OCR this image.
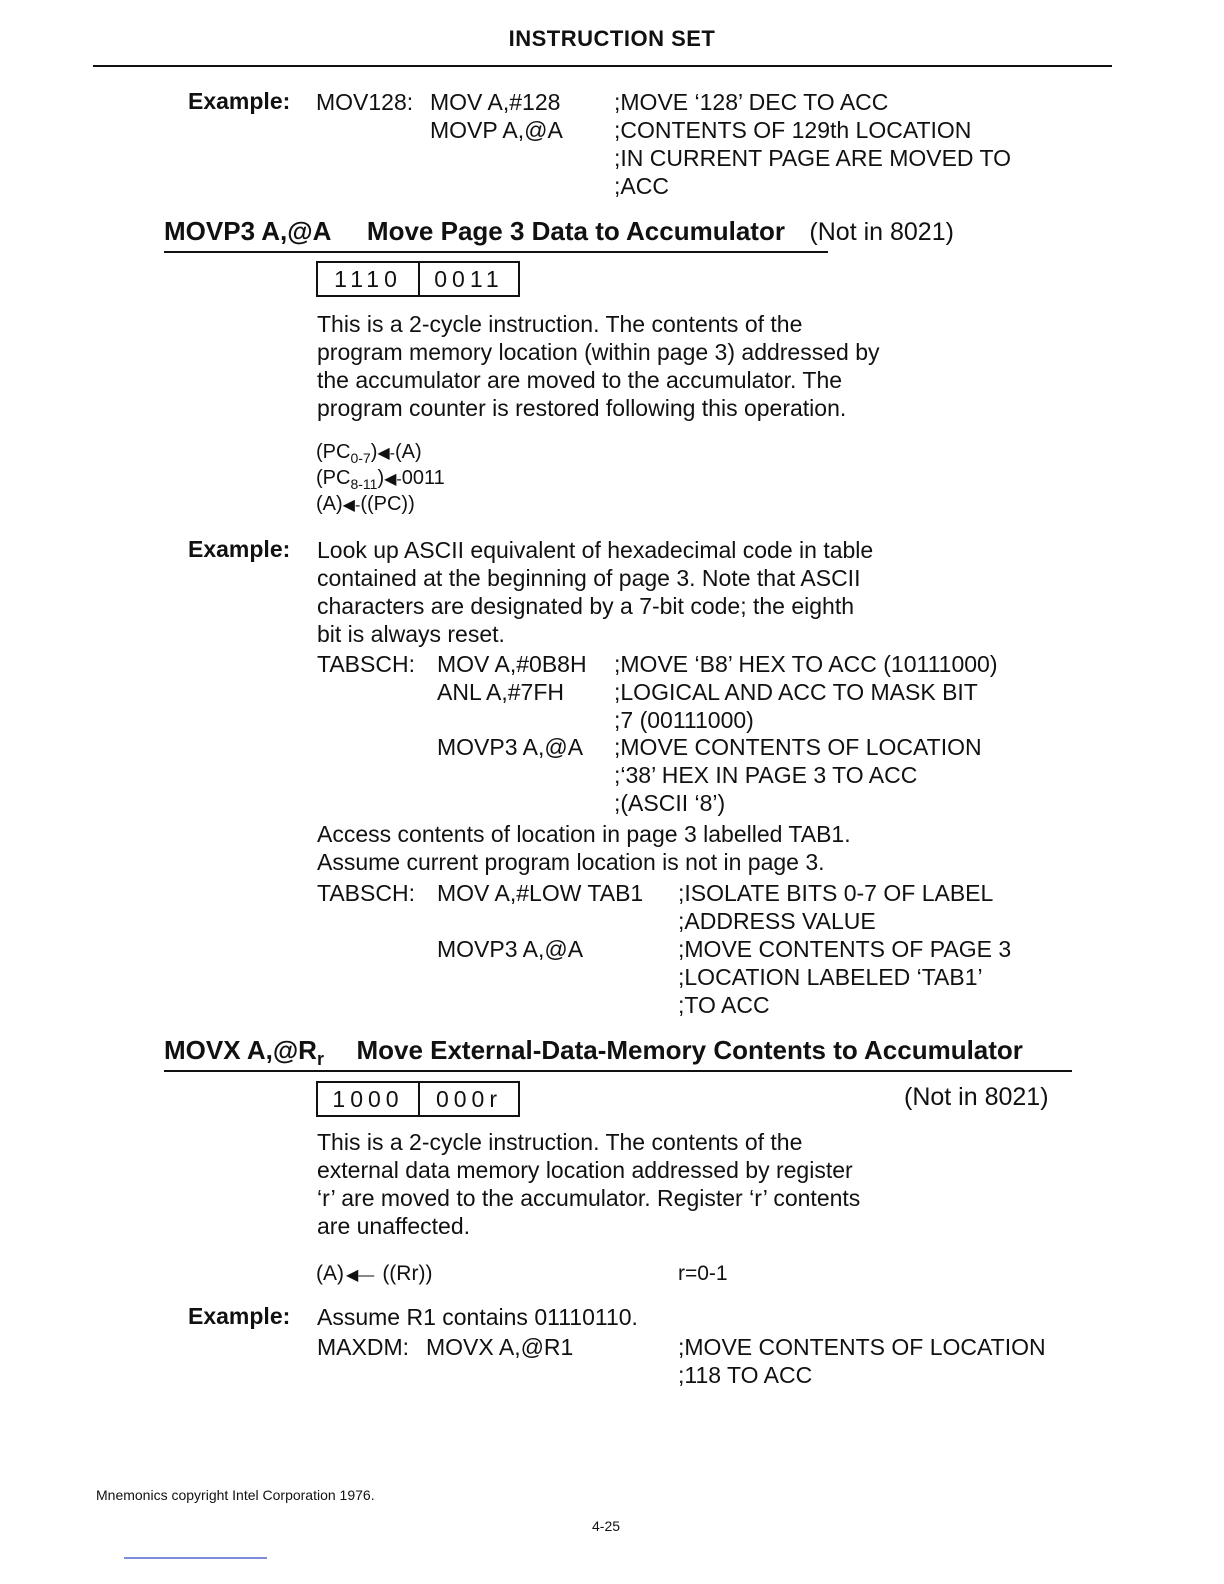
INSTRUCTION SET
Example: MOV128: MOV A,#128 ;MOVE ‘128’ DEC TO ACC
MOVP A,@A ;CONTENTS OF 129th LOCATION
;IN CURRENT PAGE ARE MOVED TO
;ACC
MOVP3 A,@A Move Page 3 Data to Accumulator (Not in 8021)
1110	0011
This is a 2-cycle instruction. The contents of the
program memory location (within page 3) addressed by
the accumulator are moved to the accumulator. The
program counter is restored following this operation.
$(PC_{0-7})◀-(A)$
$(PC_{8-11})◀-0011$
(A)◀-((PC))
Example: Look up ASCII equivalent of hexadecimal code in table
contained at the beginning of page 3. Note that ASCII
characters are designated by a 7-bit code; the eighth
bit is always reset.
TABSCH: MOV A,#0B8H ;MOVE ‘B8’ HEX TO ACC (10111000)
ANL A,#7FH ;LOGICAL AND ACC TO MASK BIT
;7 (00111000)
MOVP3 A,@A ;MOVE CONTENTS OF LOCATION
;‘38’ HEX IN PAGE 3 TO ACC
;(ASCII ‘8’)
Access contents of location in page 3 labelled TAB1.
Assume current program location is not in page 3.
TABSCH: MOV A,#LOW TAB1 ;ISOLATE BITS 0-7 OF LABEL
;ADDRESS VALUE
MOVP3 A,@A	;MOVE CONTENTS OF PAGE 3
;LOCATION LABELED ‘TAB1’
;TO ACC
MOVX $A,@R_r$ Move External-Data-Memory Contents to Accumulator
1000	000r	(Not in 8021)
This is a 2-cycle instruction. The contents of the
external data memory location addressed by register
‘r’ are moved to the accumulator. Register ‘r’ contents
are unaffected.
(A) ◀— ((Rr))	r=0-1
Example: Assume R1 contains 01110110.
MAXDM: MOVX A,@R1	;MOVE CONTENTS OF LOCATION
;118 TO ACC
Mnemonics copyright Intel Corporation 1976.
4-25
